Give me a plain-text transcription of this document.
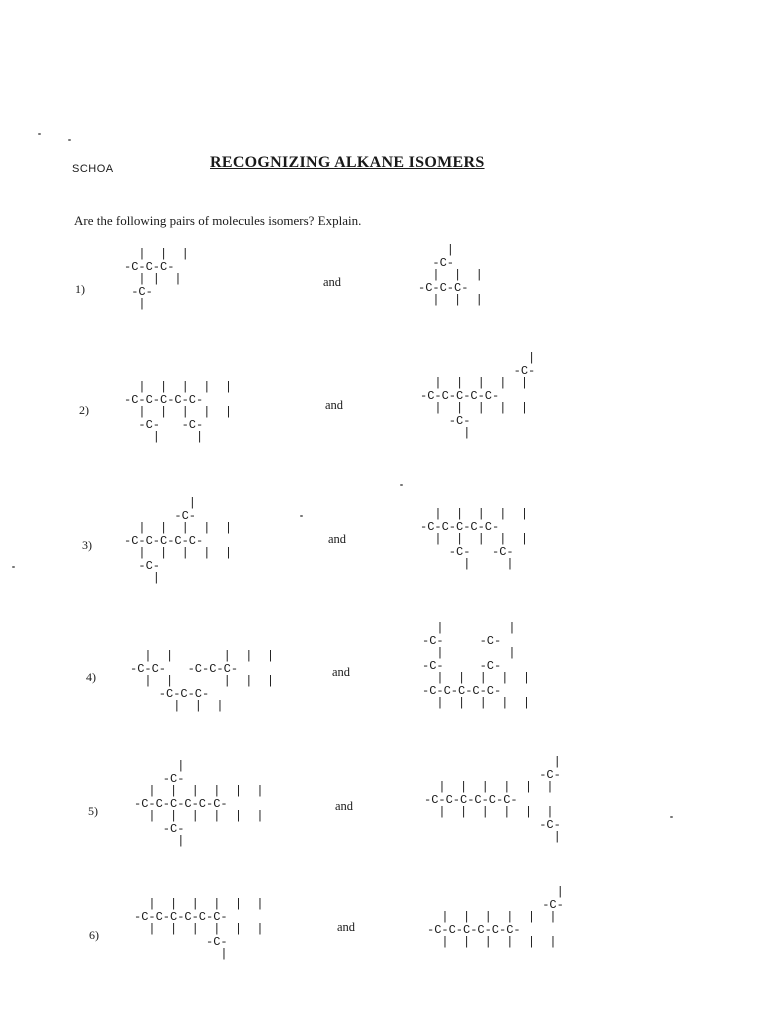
SCHOA	RECOGNIZING ALKANE ISOMERS
Are the following pairs of molecules isomers? Explain.
1)
|  |  |
-C-C-C-
| |  |
-C-
|
and
|
-C-
|  |  |
-C-C-C-
|  |  |
2)
|  |  |  |  |
-C-C-C-C-C-
|  |  |  |  |
-C-   -C-
|     |
and
|
-C-
|  |  |  |  |
-C-C-C-C-C-
|  |  |  |  |
-C-
|
3)
|
-C-
|  |  |  |  |
-C-C-C-C-C-
|  |  |  |  |
-C-
|
and
|  |  |  |  |
-C-C-C-C-C-
|  |  |  |  |
-C-   -C-
|     |
4)
|  |       |  |  |
-C-C-   -C-C-C-
|  |       |  |  |
-C-C-C-
|  |  |
and
|         |
-C-     -C-
|         |
-C-     -C-
|  |  |  |  |
-C-C-C-C-C-
|  |  |  |  |
5)
|
-C-
|  |  |  |  |  |
-C-C-C-C-C-C-
|  |  |  |  |  |
-C-
|
and
|
-C-
|  |  |  |  |  |
-C-C-C-C-C-C-
|  |  |  |  |  |
-C-
|
6)
|  |  |  |  |  |
-C-C-C-C-C-C-
|  |  |  |  |  |
-C-
|
and
|
-C-
|  |  |  |  |  |
-C-C-C-C-C-C-
|  |  |  |  |  |
